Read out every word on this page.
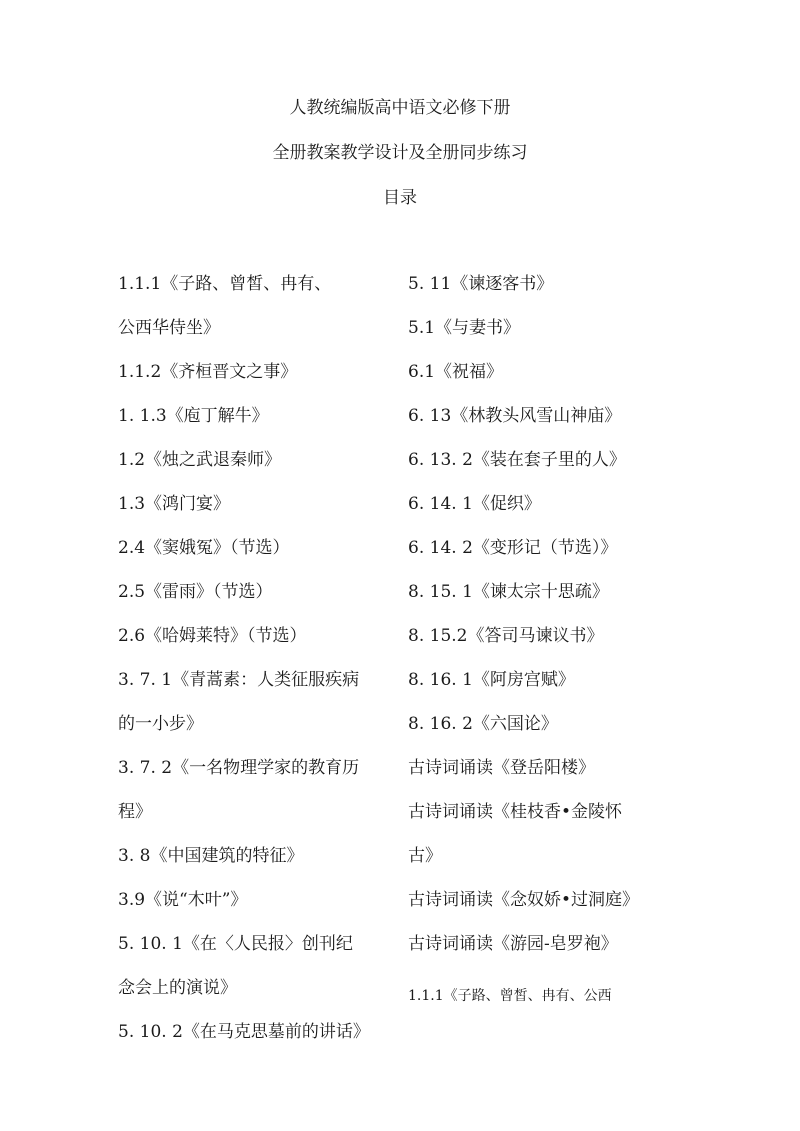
人教统编版高中语文必修下册
全册教案教学设计及全册同步练习
目录
1.1.1《子路、曾皙、冉有、
公西华侍坐》
1.1.2《齐桓晋文之事》
1. 1.3《庖丁解牛》
1.2《烛之武退秦师》
1.3《鸿门宴》
2.4《窦娥冤》（节选）
2.5《雷雨》（节选）
2.6《哈姆莱特》（节选）
3. 7. 1《青蒿素：人类征服疾病
的一小步》
3. 7. 2《一名物理学家的教育历
程》
3. 8《中国建筑的特征》
3.9《说“木叶”》
5. 10. 1《在〈人民报〉创刊纪
念会上的演说》
5. 10. 2《在马克思墓前的讲话》
5. 11《谏逐客书》
5.1《与妻书》
6.1《祝福》
6. 13《林教头风雪山神庙》
6. 13. 2《装在套子里的人》
6. 14. 1《促织》
6. 14. 2《变形记（节选）》
8. 15. 1《谏太宗十思疏》
8. 15.2《答司马谏议书》
8. 16. 1《阿房宫赋》
8. 16. 2《六国论》
古诗词诵读《登岳阳楼》
古诗词诵读《桂枝香•金陵怀
古》
古诗词诵读《念奴娇•过洞庭》
古诗词诵读《游园-皂罗袍》
1.1.1《子路、曾皙、冉有、公西
